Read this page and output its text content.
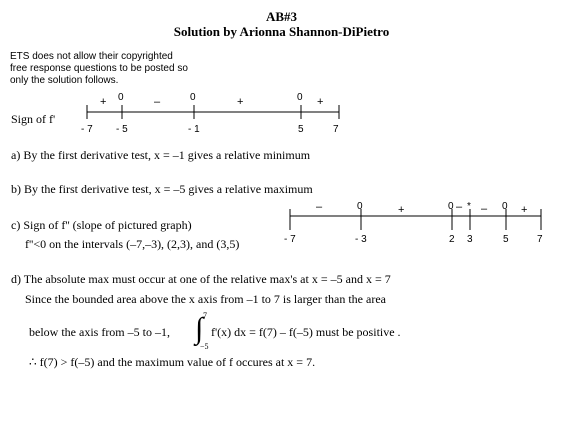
AB#3
Solution by Arionna Shannon-DiPietro
ETS does not allow their copyrighted
free response questions to be posted so
only the solution follows.
Sign of f'
+ 0	–	0	+	0 +
- 7 - 5	- 1	5	7
a) By the first derivative test, x = –1 gives a relative minimum
b) By the first derivative test, x = –5 gives a relative maximum
c) Sign of f'' (slope of pictured graph)
f''<0 on the intervals (–7,–3), (2,3), and (3,5)
–	0	+	0 – * – 0 +
- 7	- 3	2 3	5	7
d) The absolute max must occur at one of the relative max's at x = –5 and x = 7
Since the bounded area above the x axis from –1 to 7 is larger than the area
below the axis from –5 to –1, ∫ 7
−5
f'(x) dx = f(7) – f(–5) must be positive .
∴ f(7) > f(–5) and the maximum value of f occures at x = 7.
